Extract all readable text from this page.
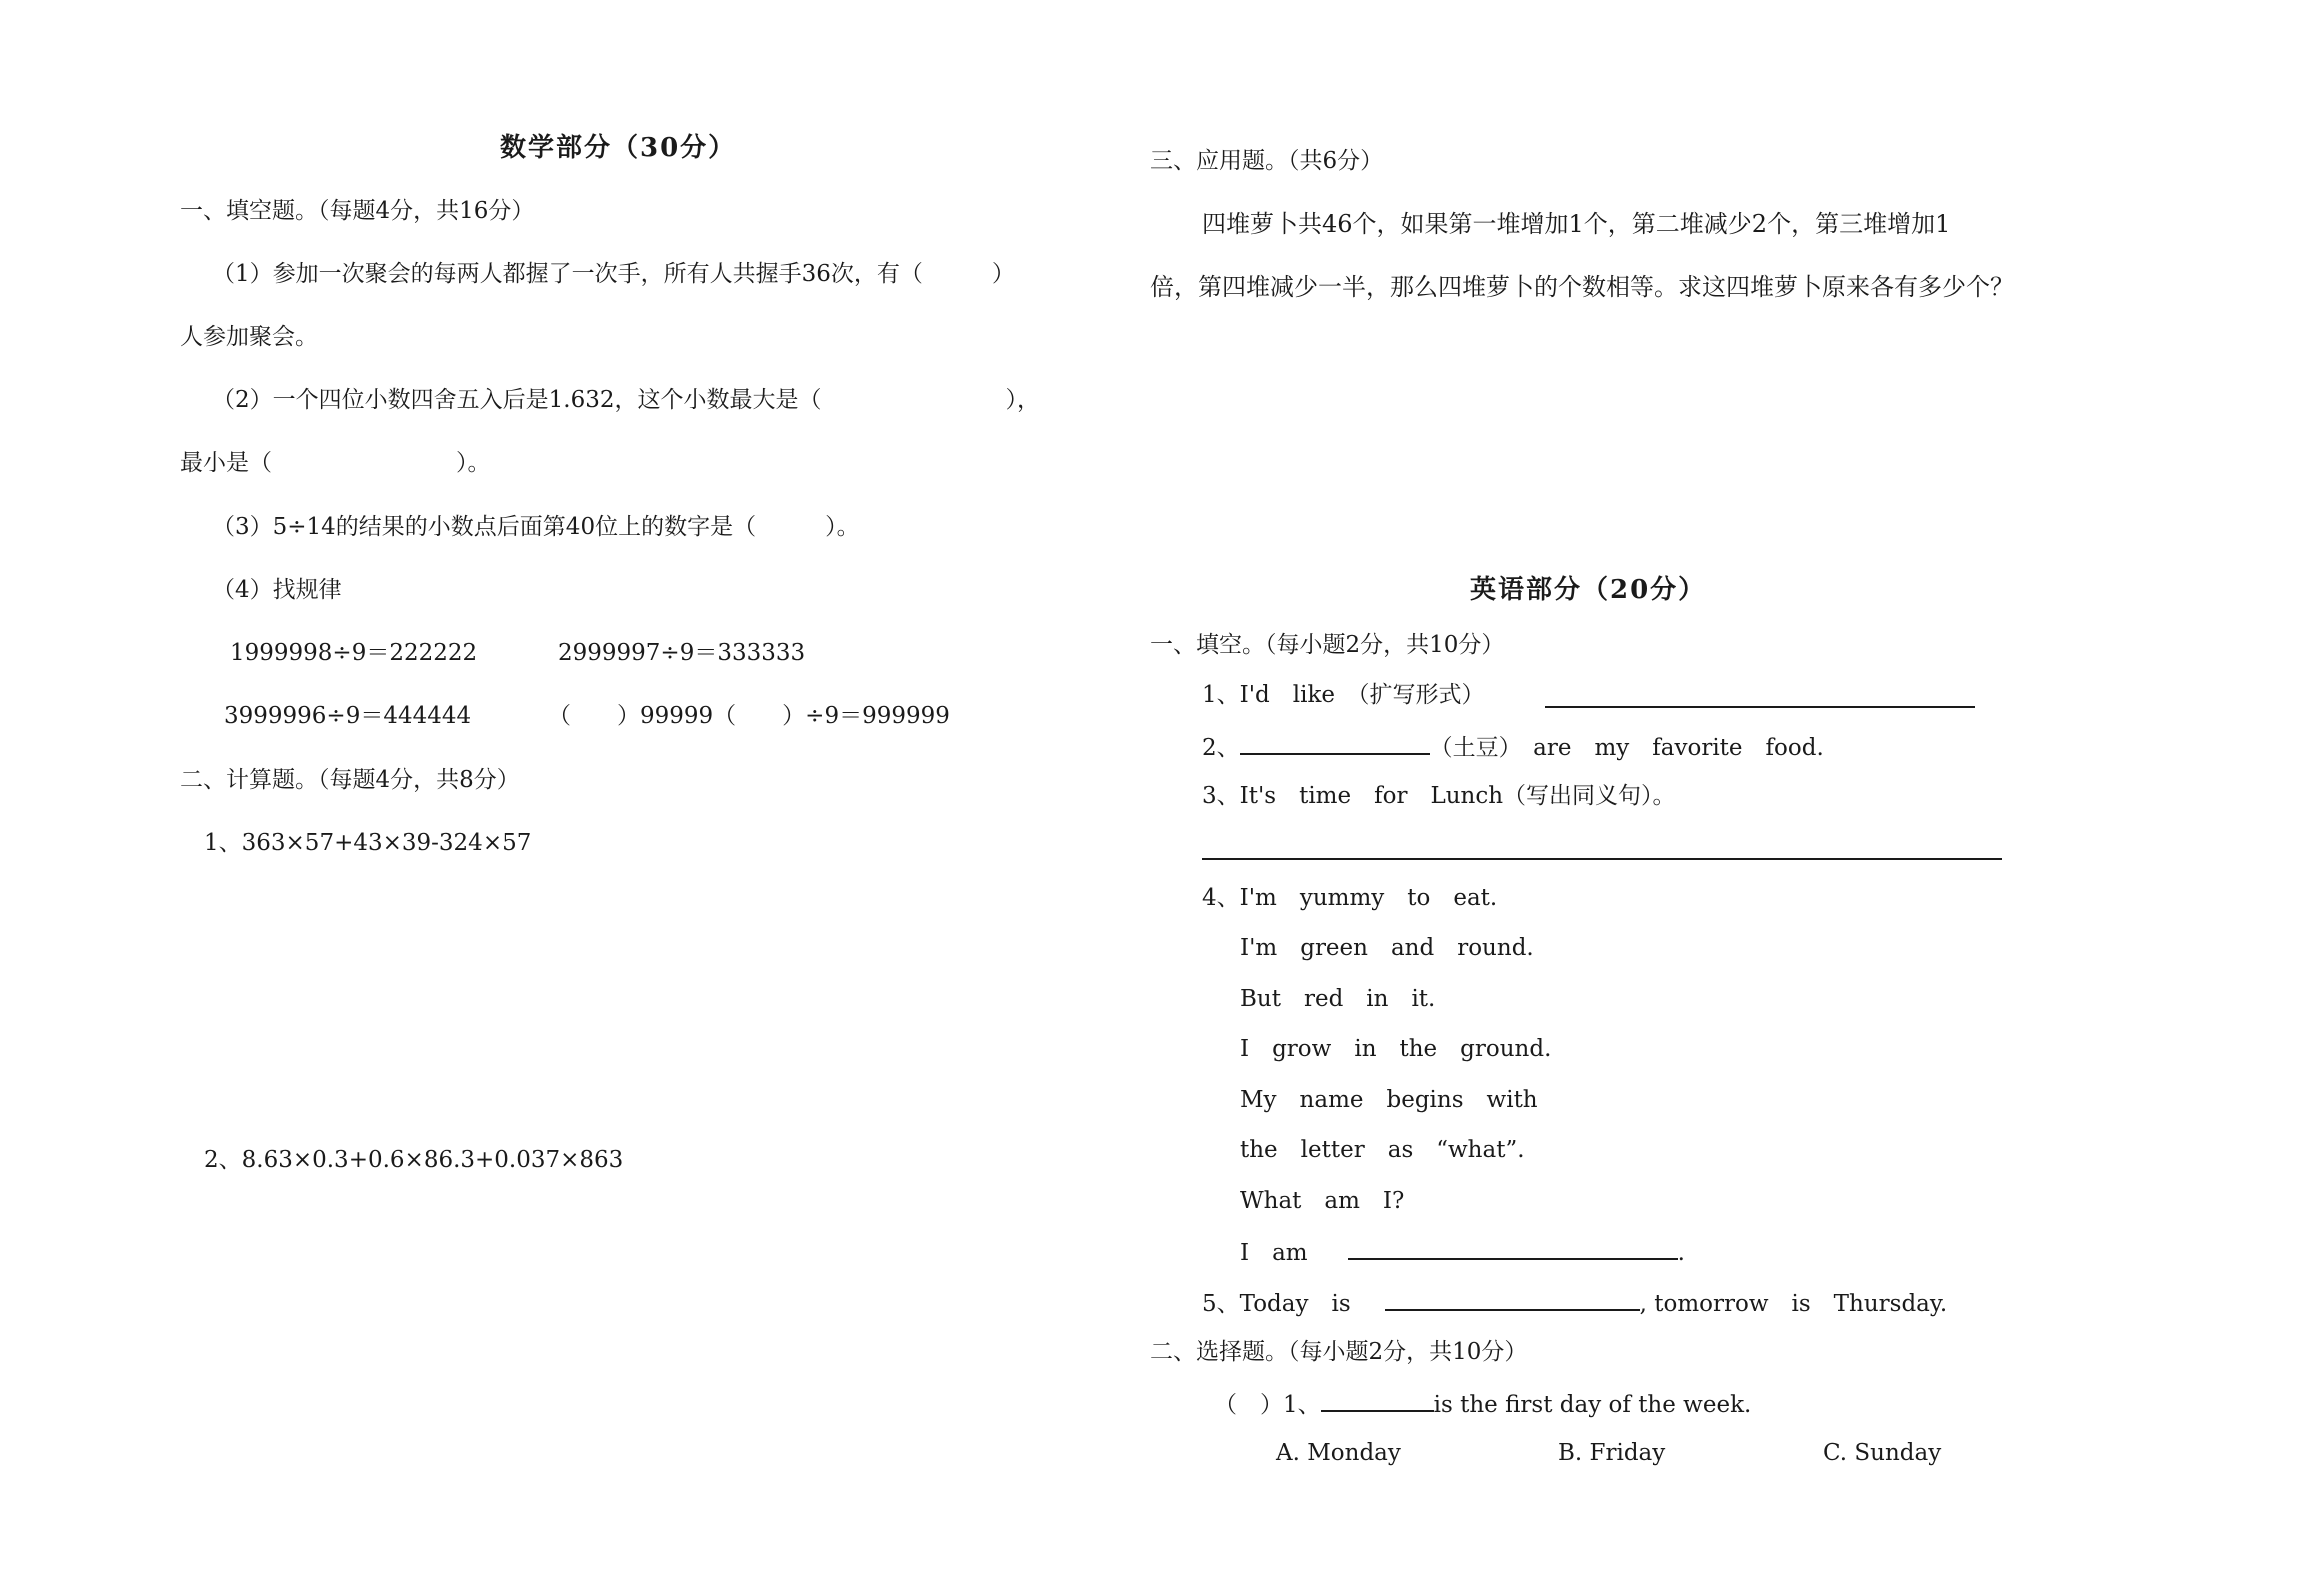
数学部分（30分）
一、填空题。（每题4分，共16分）
（1）参加一次聚会的每两人都握了一次手，所有人共握手36次，有（　　　）
人参加聚会。
（2）一个四位小数四舍五入后是1.632，这个小数最大是（　　　　　　　　），
最小是（　　　　　　　　）。
（3）5÷14的结果的小数点后面第40位上的数字是（　　　）。
（4）找规律
1999998÷9＝222222	2999997÷9＝333333
3999996÷9＝444444	（　　）99999（　　）÷9＝999999
二、计算题。（每题4分，共8分）
1、363×57+43×39-324×57
2、8.63×0.3+0.6×86.3+0.037×863
三、应用题。（共6分）
四堆萝卜共46个，如果第一堆增加1个，第二堆减少2个，第三堆增加1
倍，第四堆减少一半，那么四堆萝卜的个数相等。求这四堆萝卜原来各有多少个？
英语部分（20分）
一、填空。（每小题2分，共10分）
1、I'd　like　（扩写形式）
2、	（土豆）　are　my　favorite　food.
3、It's　time　for　Lunch（写出同义句）。
4、I'm　yummy　to　eat.
I'm　green　and　round.
But　red　in　it.
I　grow　in　the　ground.
My　name　begins　with
the　letter　as　“what”.
What　am　I?
I　am	.
5、Today　is	, tomorrow　is　Thursday.
二、选择题。（每小题2分，共10分）
（　）1、	is the first day of the week.
A. Monday	B. Friday	C. Sunday
